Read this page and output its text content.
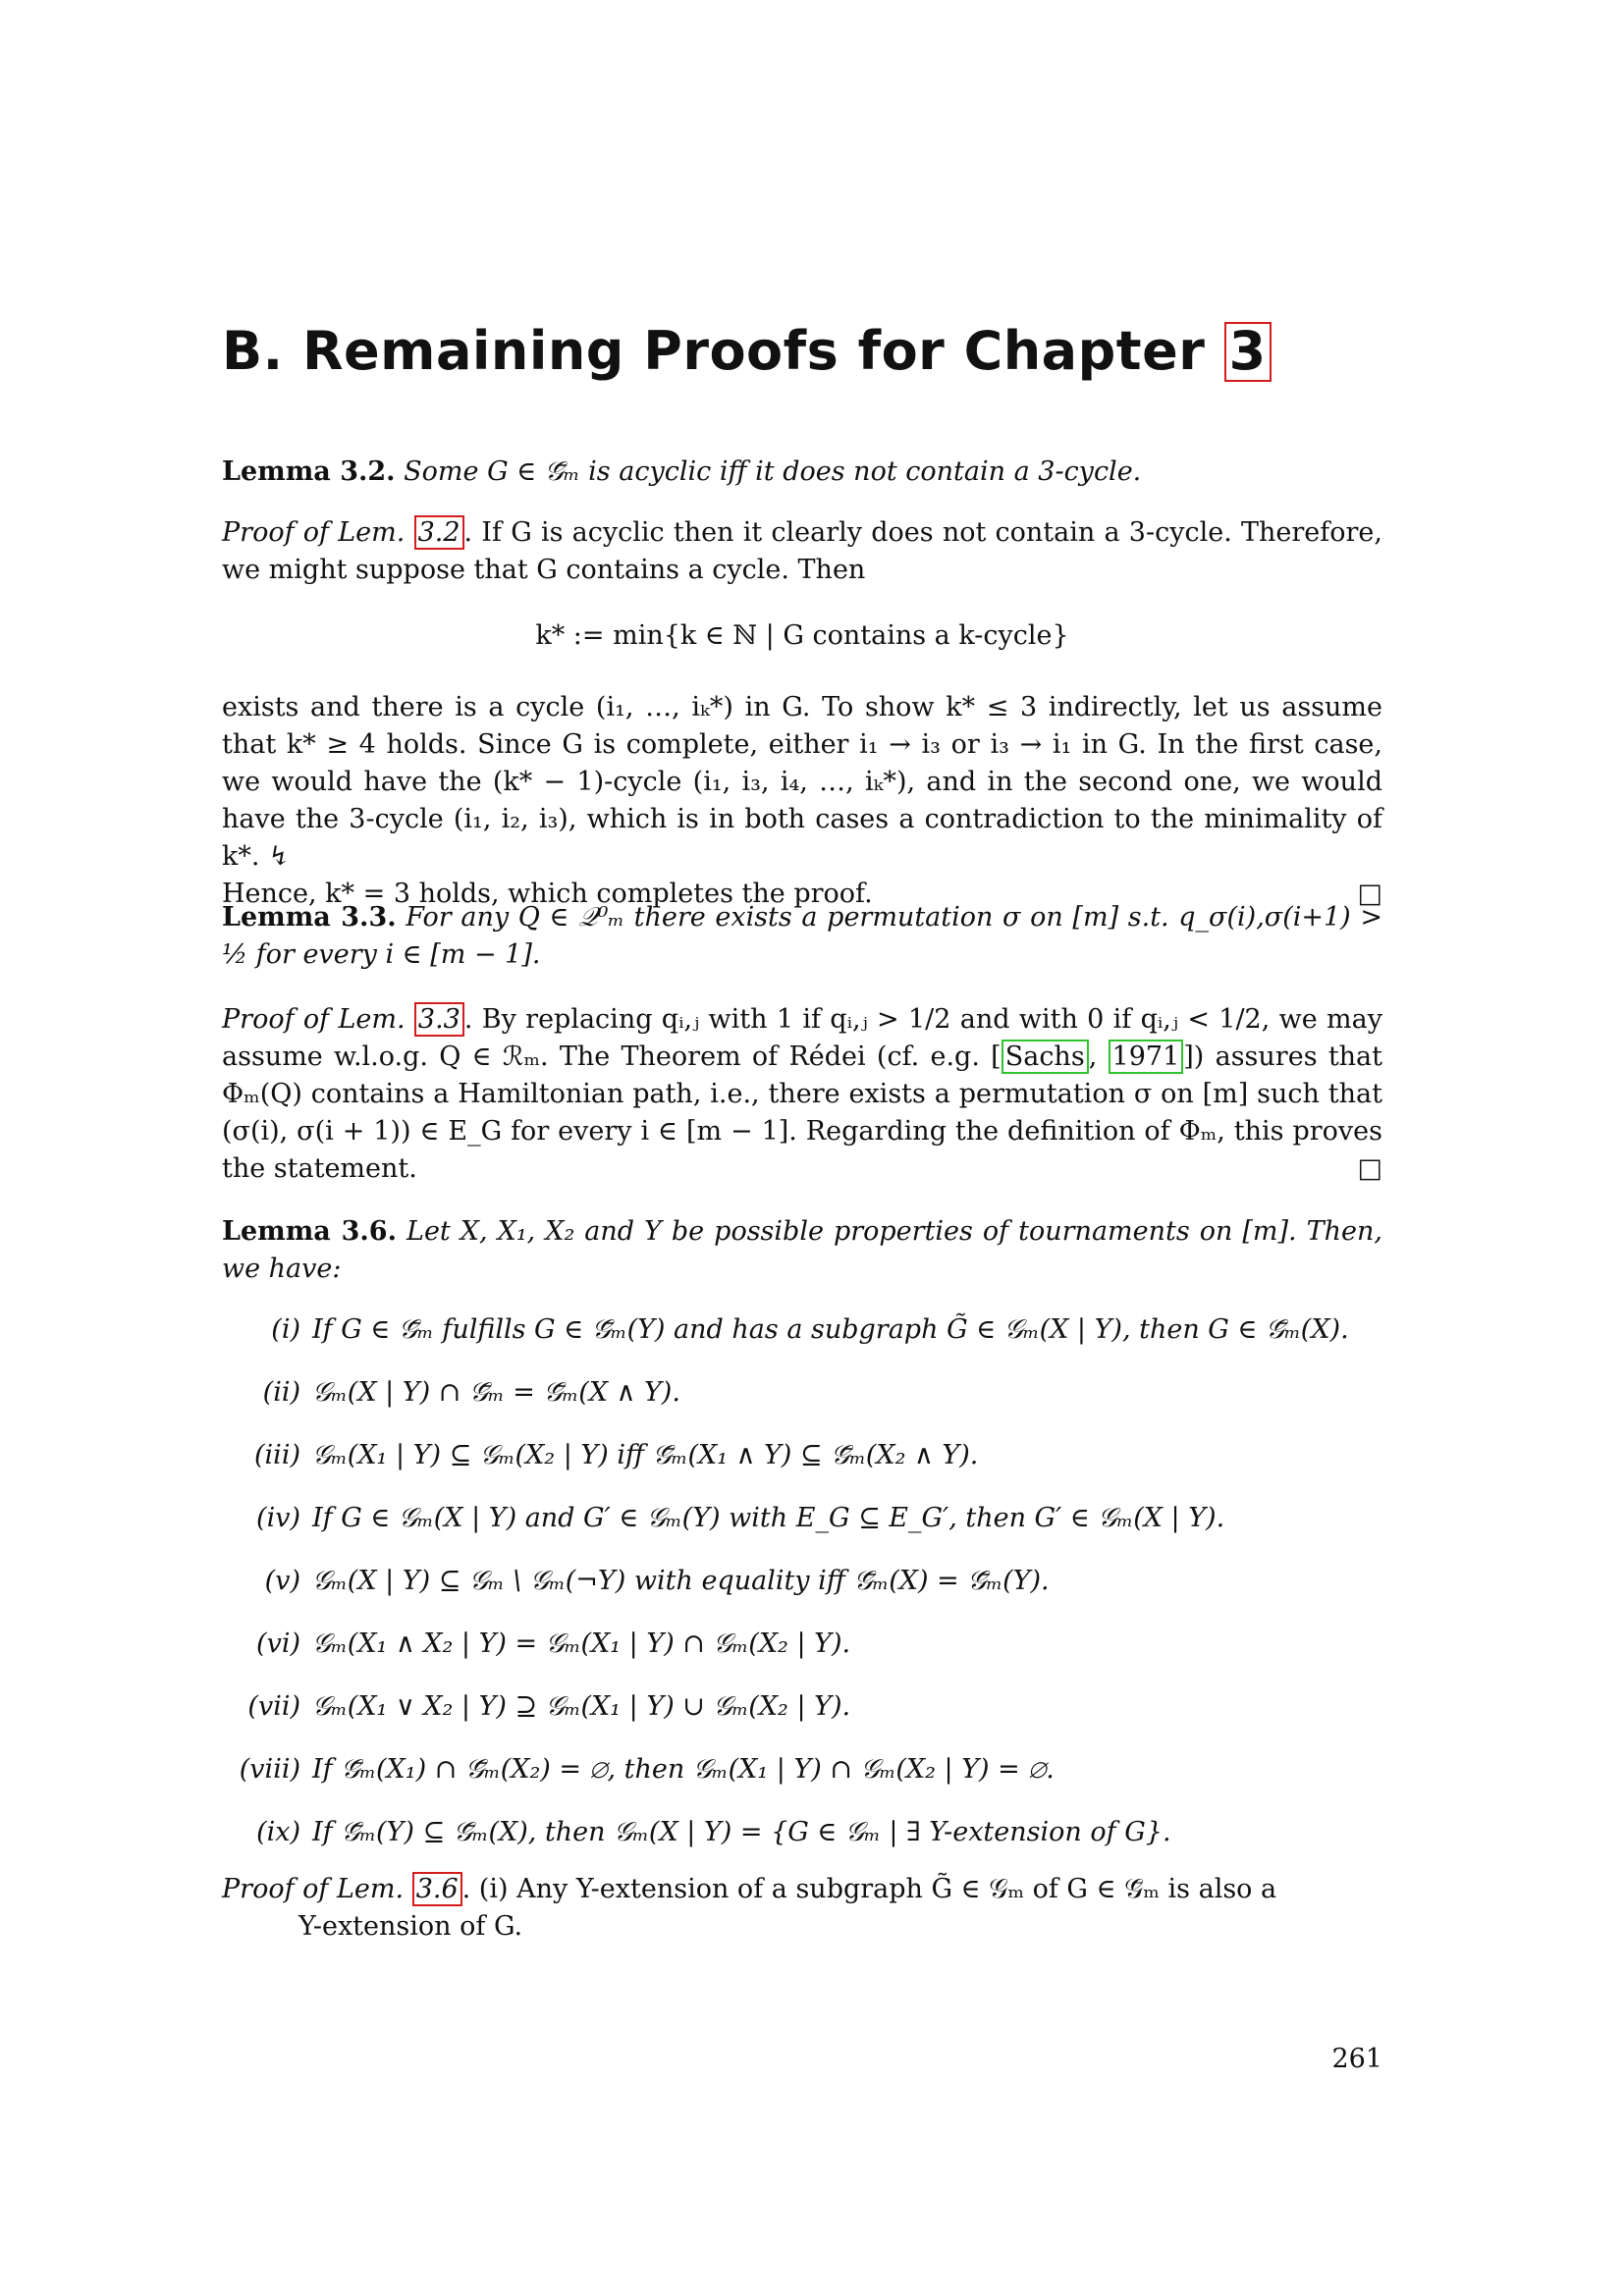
B. Remaining Proofs for Chapter 3

Lemma 3.2. Some G ∈ 𝒢̄ₘ is acyclic iff it does not contain a 3-cycle.

Proof of Lem. 3.2 . If G is acyclic then it clearly does not contain a 3-cycle. Therefore, we might suppose that G contains a cycle. Then

k* := min{k ∈ ℕ | G contains a k-cycle}

exists and there is a cycle (i₁, …, iₖ*) in G. To show k* ≤ 3 indirectly, let us assume that k* ≥ 4 holds. Since G is complete, either i₁ → i₃ or i₃ → i₁ in G. In the first case, we would have the (k* − 1)-cycle (i₁, i₃, i₄, …, iₖ*), and in the second one, we would have the 3-cycle (i₁, i₂, i₃), which is in both cases a contradiction to the minimality of k*. ↯

Hence, k* = 3 holds, which completes the proof.	□

Lemma 3.3. For any Q ∈ 𝒬⁰ₘ there exists a permutation σ on [m] s.t. q_σ(i),σ(i+1) > ½ for every i ∈ [m − 1].

Proof of Lem. 3.3 . By replacing qᵢ,ⱼ with 1 if qᵢ,ⱼ > 1/2 and with 0 if qᵢ,ⱼ < 1/2, we may assume w.l.o.g. Q ∈ ℛₘ. The Theorem of Rédei (cf. e.g. [ Sachs , 1971 ]) assures that Φₘ(Q) contains a Hamiltonian path, i.e., there exists a permutation σ on [m] such that (σ(i), σ(i + 1)) ∈ E_G for every i ∈ [m − 1]. Regarding the definition of Φₘ, this proves the statement.	□

Lemma 3.6. Let X, X₁, X₂ and Y be possible properties of tournaments on [m]. Then, we have:

(i) If G ∈ 𝒢̄ₘ fulfills G ∈ 𝒢̄ₘ(Y) and has a subgraph G̃ ∈ 𝒢ₘ(X | Y), then G ∈ 𝒢̄ₘ(X).
(ii) 𝒢ₘ(X | Y) ∩ 𝒢̄ₘ = 𝒢̄ₘ(X ∧ Y).
(iii) 𝒢ₘ(X₁ | Y) ⊆ 𝒢ₘ(X₂ | Y) iff 𝒢̄ₘ(X₁ ∧ Y) ⊆ 𝒢̄ₘ(X₂ ∧ Y).
(iv) If G ∈ 𝒢ₘ(X | Y) and G′ ∈ 𝒢ₘ(Y) with E_G ⊆ E_G′, then G′ ∈ 𝒢ₘ(X | Y).
(v) 𝒢ₘ(X | Y) ⊆ 𝒢ₘ \ 𝒢ₘ(¬Y) with equality iff 𝒢̄ₘ(X) = 𝒢̄ₘ(Y).
(vi) 𝒢ₘ(X₁ ∧ X₂ | Y) = 𝒢ₘ(X₁ | Y) ∩ 𝒢ₘ(X₂ | Y).
(vii) 𝒢ₘ(X₁ ∨ X₂ | Y) ⊇ 𝒢ₘ(X₁ | Y) ∪ 𝒢ₘ(X₂ | Y).
(viii) If 𝒢̄ₘ(X₁) ∩ 𝒢̄ₘ(X₂) = ∅, then 𝒢ₘ(X₁ | Y) ∩ 𝒢ₘ(X₂ | Y) = ∅.
(ix) If 𝒢̄ₘ(Y) ⊆ 𝒢̄ₘ(X), then 𝒢ₘ(X | Y) = {G ∈ 𝒢ₘ | ∃ Y-extension of G}.

Proof of Lem. 3.6 . (i) Any Y-extension of a subgraph G̃ ∈ 𝒢ₘ of G ∈ 𝒢̄ₘ is also a
Y-extension of G.

261
